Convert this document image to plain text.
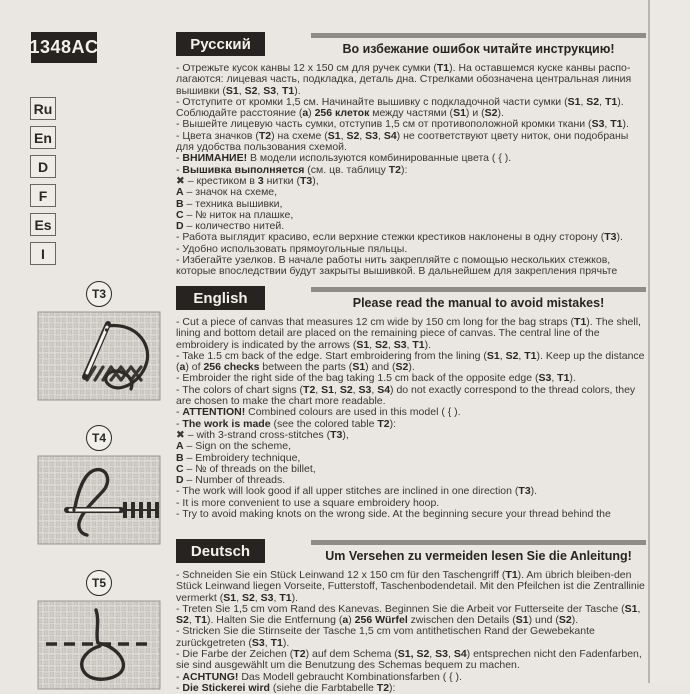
1348AC
Ru
En
D
F
Es
I
T3
T4
T5
Русский	Во избежание ошибок читайте инструкцию!
- Отрежьте кусок канвы 12 x 150 см для ручек сумки (T1). На оставшемся куске канвы распо-лагаются: лицевая часть, подкладка, деталь дна. Стрелками обозначена центральная линия вышивки (S1, S2, S3, T1).
- Отступите от кромки 1,5 см. Начинайте вышивку с подкладочной части сумки (S1, S2, T1). Соблюдайте расстояние (a) 256 клеток между частями (S1) и (S2).
- Вышейте лицевую часть сумки, отступив 1,5 см от противоположной кромки ткани (S3, T1).
- Цвета значков (T2) на схеме (S1, S2, S3, S4) не соответствуют цвету ниток, они подобраны для удобства пользования схемой.
- ВНИМАНИЕ! В модели используются комбинированные цвета ( { ).
- Вышивка выполняется (см. цв. таблицу T2):
✖ – крестиком в 3 нитки (T3),
A – значок на схеме,
B – техника вышивки,
C – № ниток на плашке,
D – количество нитей.
- Работа выглядит красиво, если верхние стежки крестиков наклонены в одну сторону (T3).
- Удобно использовать прямоугольные пяльцы.
- Избегайте узелков. В начале работы нить закрепляйте с помощью нескольких стежков, которые впоследствии будут закрыты вышивкой. В дальнейшем для закрепления прячьте
English	Please read the manual to avoid mistakes!
- Cut a piece of canvas that measures 12 cm wide by 150 cm long for the bag straps (T1). The shell, lining and bottom detail are placed on the remaining piece of canvas. The central line of the embroidery is indicated by the arrows (S1, S2, S3, T1).
- Take 1.5 cm back of the edge. Start embroidering from the lining (S1, S2, T1). Keep up the distance (a) of 256 checks between the parts (S1) and (S2).
- Embroider the right side of the bag taking 1.5 cm back of the opposite edge (S3, T1).
- The colors of chart signs (T2, S1, S2, S3, S4) do not exactly correspond to the thread colors, they are chosen to make the chart more readable.
- ATTENTION! Combined colours are used in this model ( { ).
- The work is made (see the colored table T2):
✖ – with 3-strand cross-stitches (T3),
A – Sign on the scheme,
B – Embroidery technique,
C – № of threads on the billet,
D – Number of threads.
- The work will look good if all upper stitches are inclined in one direction (T3).
- It is more convenient to use a square embroidery hoop.
- Try to avoid making knots on the wrong side. At the beginning secure your thread behind the
Deutsch	Um Versehen zu vermeiden lesen Sie die Anleitung!
- Schneiden Sie ein Stück Leinwand 12 x 150 cm für den Taschengriff (T1). Am übrich bleiben-den Stück Leinwand liegen Vorseite, Futterstoff, Taschenbodendetail. Mit den Pfeilchen ist die Zentrallinie vermerkt (S1, S2, S3, T1).
- Treten Sie 1,5 cm vom Rand des Kanevas. Beginnen Sie die Arbeit vor Futterseite der Tasche (S1, S2, T1). Halten Sie die Entfernung (a) 256 Würfel zwischen den Details (S1) und (S2).
- Stricken Sie die Stirnseite der Tasche 1,5 cm vom antithetischen Rand der Gewebekante zurückgetreten (S3, T1).
- Die Farbe der Zeichen (T2) auf dem Schema (S1, S2, S3, S4) entsprechen nicht den Fadenfarben, sie sind ausgewählt um die Benutzung des Schemas bequem zu machen.
- ACHTUNG! Das Modell gebraucht Kombinationsfarben ( { ).
- Die Stickerei wird (siehe die Farbtabelle T2):
